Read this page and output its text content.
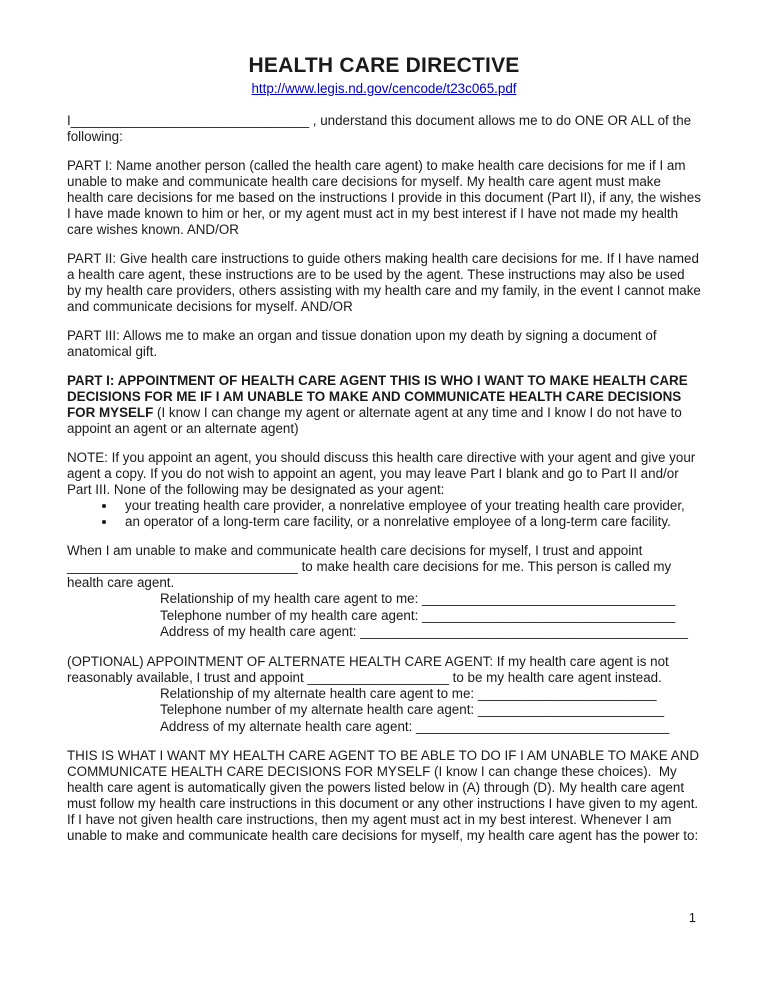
HEALTH CARE DIRECTIVE
http://www.legis.nd.gov/cencode/t23c065.pdf

I________________________________ , understand this document allows me to do ONE OR ALL of the following:

PART I: Name another person (called the health care agent) to make health care decisions for me if I am unable to make and communicate health care decisions for myself. My health care agent must make health care decisions for me based on the instructions I provide in this document (Part II), if any, the wishes I have made known to him or her, or my agent must act in my best interest if I have not made my health care wishes known. AND/OR

PART II: Give health care instructions to guide others making health care decisions for me. If I have named a health care agent, these instructions are to be used by the agent. These instructions may also be used by my health care providers, others assisting with my health care and my family, in the event I cannot make and communicate decisions for myself. AND/OR

PART III: Allows me to make an organ and tissue donation upon my death by signing a document of anatomical gift.

PART I: APPOINTMENT OF HEALTH CARE AGENT THIS IS WHO I WANT TO MAKE HEALTH CARE DECISIONS FOR ME IF I AM UNABLE TO MAKE AND COMMUNICATE HEALTH CARE DECISIONS FOR MYSELF (I know I can change my agent or alternate agent at any time and I know I do not have to appoint an agent or an alternate agent)

NOTE: If you appoint an agent, you should discuss this health care directive with your agent and give your agent a copy. If you do not wish to appoint an agent, you may leave Part I blank and go to Part II and/or Part III. None of the following may be designated as your agent:

• your treating health care provider, a nonrelative employee of your treating health care provider,
• an operator of a long-term care facility, or a nonrelative employee of a long-term care facility.

When I am unable to make and communicate health care decisions for myself, I trust and appoint _______________________________ to make health care decisions for me. This person is called my health care agent.

Relationship of my health care agent to me: __________________________________
Telephone number of my health care agent: __________________________________
Address of my health care agent: ____________________________________________

(OPTIONAL) APPOINTMENT OF ALTERNATE HEALTH CARE AGENT: If my health care agent is not reasonably available, I trust and appoint ___________________ to be my health care agent instead.

Relationship of my alternate health care agent to me: ________________________
Telephone number of my alternate health care agent: _________________________
Address of my alternate health care agent: __________________________________

THIS IS WHAT I WANT MY HEALTH CARE AGENT TO BE ABLE TO DO IF I AM UNABLE TO MAKE AND COMMUNICATE HEALTH CARE DECISIONS FOR MYSELF (I know I can change these choices).  My health care agent is automatically given the powers listed below in (A) through (D). My health care agent must follow my health care instructions in this document or any other instructions I have given to my agent. If I have not given health care instructions, then my agent must act in my best interest. Whenever I am unable to make and communicate health care decisions for myself, my health care agent has the power to:

1
